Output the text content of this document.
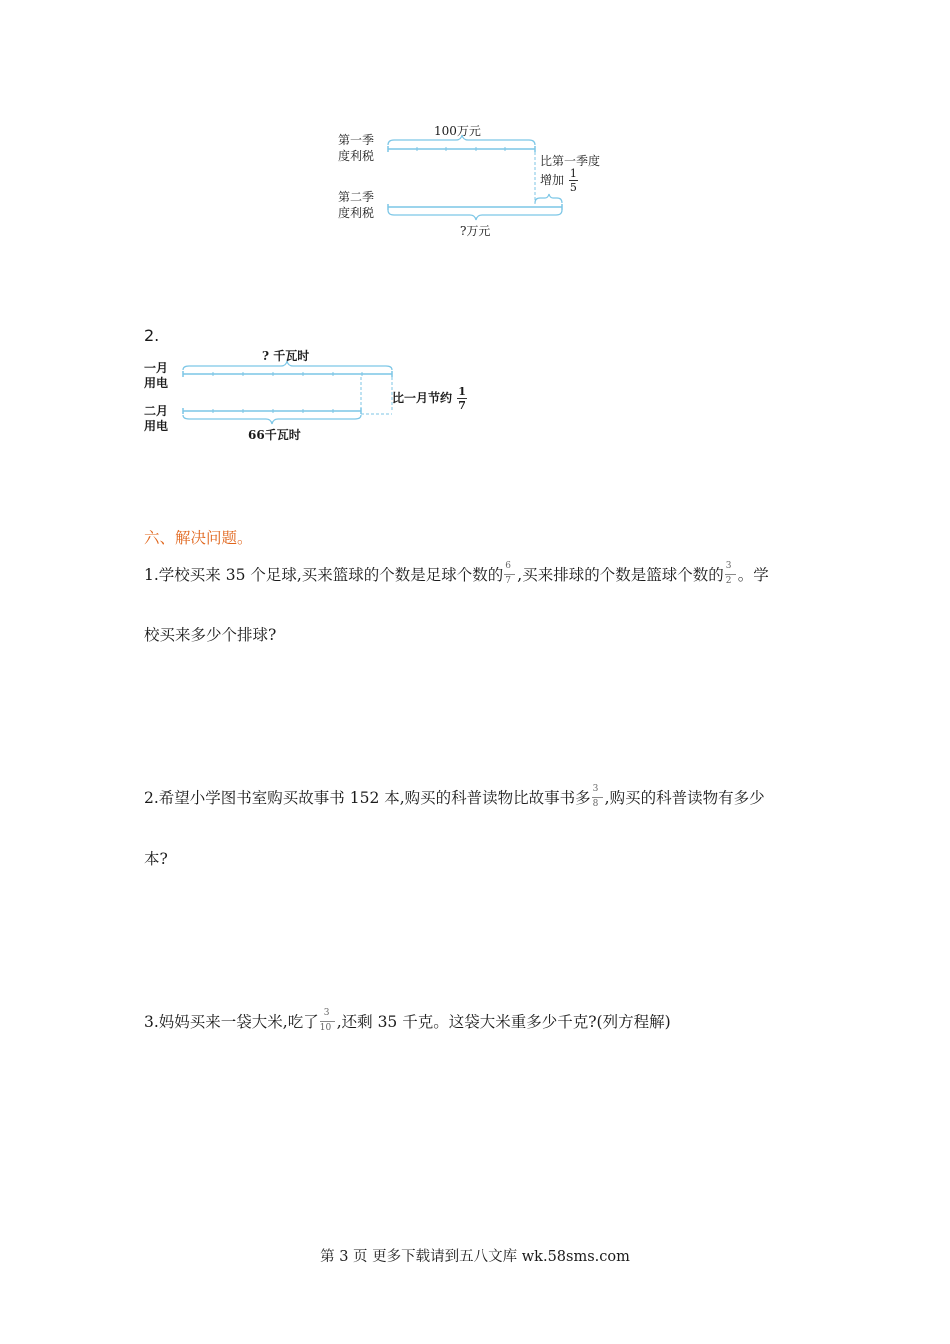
第一季
度利税
第二季
度利税
100万元
?万元
比第一季度
增加 $\frac{1}{5}$
2.
一月
用电
二月
用电
? 千瓦时
66千瓦时
比一月节约 $\frac{1}{7}$
六、解决问题。
1.学校买来 35 个足球,买来篮球的个数是足球个数的 $\frac{6}{7}$ ,买来排球的个数是篮球个数的 $\frac{3}{2}$ 。学
校买来多少个排球?
2.希望小学图书室购买故事书 152 本,购买的科普读物比故事书多 $\frac{3}{8}$ ,购买的科普读物有多少
本?
3.妈妈买来一袋大米,吃了 $\frac{3}{10}$ ,还剩 35 千克。这袋大米重多少千克?(列方程解)
第 3 页 更多下载请到五八文库 wk.58sms.com
